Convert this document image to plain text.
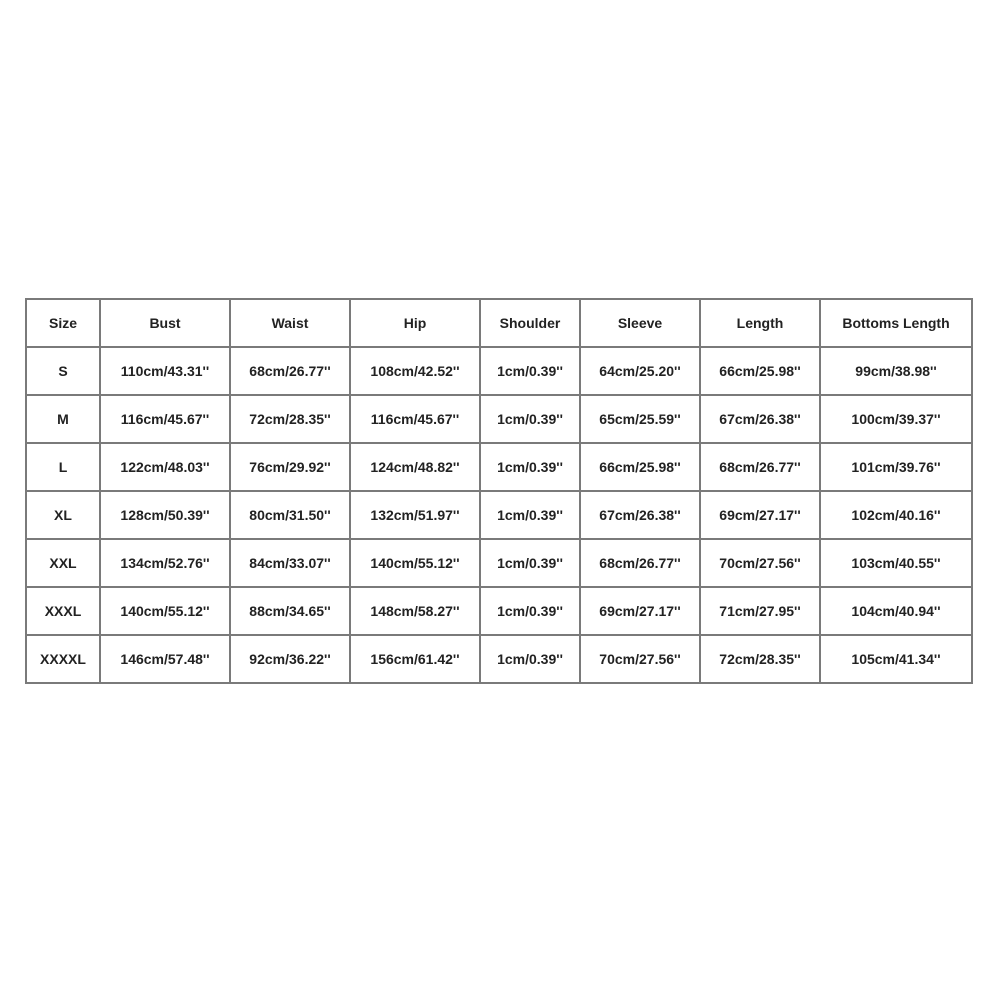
Size	Bust	Waist	Hip	Shoulder	Sleeve	Length	Bottoms Length
S	110cm/43.31''	68cm/26.77''	108cm/42.52''	1cm/0.39''	64cm/25.20''	66cm/25.98''	99cm/38.98''
M	116cm/45.67''	72cm/28.35''	116cm/45.67''	1cm/0.39''	65cm/25.59''	67cm/26.38''	100cm/39.37''
L	122cm/48.03''	76cm/29.92''	124cm/48.82''	1cm/0.39''	66cm/25.98''	68cm/26.77''	101cm/39.76''
XL	128cm/50.39''	80cm/31.50''	132cm/51.97''	1cm/0.39''	67cm/26.38''	69cm/27.17''	102cm/40.16''
XXL	134cm/52.76''	84cm/33.07''	140cm/55.12''	1cm/0.39''	68cm/26.77''	70cm/27.56''	103cm/40.55''
XXXL	140cm/55.12''	88cm/34.65''	148cm/58.27''	1cm/0.39''	69cm/27.17''	71cm/27.95''	104cm/40.94''
XXXXL	146cm/57.48''	92cm/36.22''	156cm/61.42''	1cm/0.39''	70cm/27.56''	72cm/28.35''	105cm/41.34''
